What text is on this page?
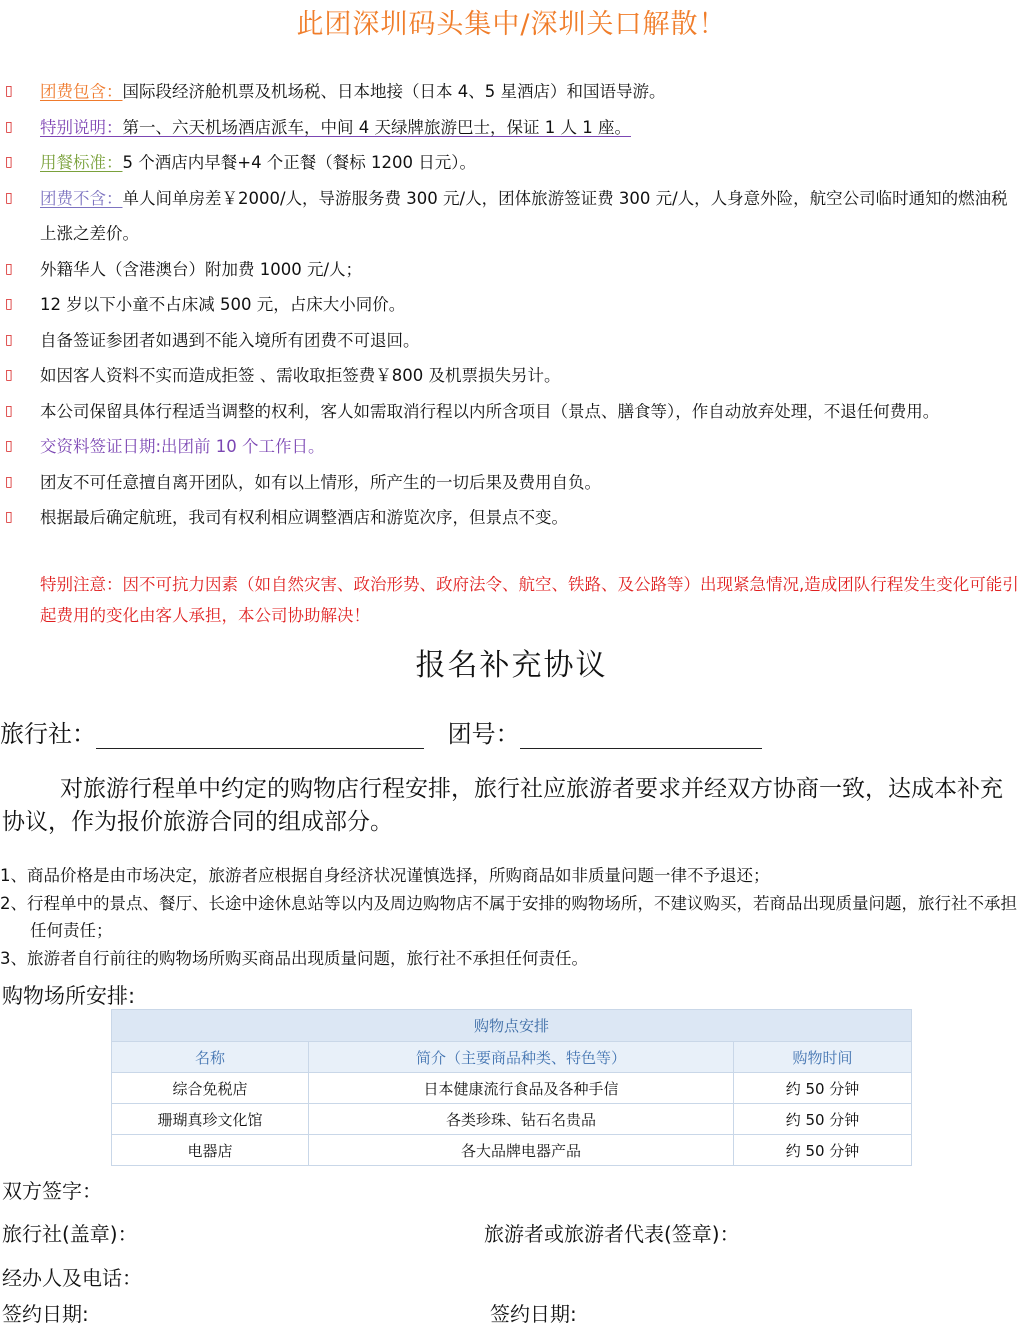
此团深圳码头集中/深圳关口解散！
▯ 团费包含：国际段经济舱机票及机场税、日本地接（日本 4、5 星酒店）和国语导游。
▯ 特别说明：第一、六天机场酒店派车，中间 4 天绿牌旅游巴士，保证 1 人 1 座。
▯ 用餐标准：5 个酒店内早餐+4 个正餐（餐标 1200 日元）。
▯ 团费不含：单人间单房差￥2000/人，导游服务费 300 元/人，团体旅游签证费 300 元/人，人身意外险，航空公司临时通知的燃油税上涨之差价。
▯ 外籍华人（含港澳台）附加费 1000 元/人；
▯ 12 岁以下小童不占床减 500 元，占床大小同价。
▯ 自备签证参团者如遇到不能入境所有团费不可退回。
▯ 如因客人资料不实而造成拒签 、需收取拒签费￥800 及机票损失另计。
▯ 本公司保留具体行程适当调整的权利，客人如需取消行程以内所含项目（景点、膳食等），作自动放弃处理，不退任何费用。
▯ 交资料签证日期:出团前 10 个工作日。
▯ 团友不可任意擅自离开团队，如有以上情形，所产生的一切后果及费用自负。
▯ 根据最后确定航班，我司有权利相应调整酒店和游览次序，但景点不变。
特别注意：因不可抗力因素（如自然灾害、政治形势、政府法令、航空、铁路、及公路等）出现紧急情况,造成团队行程发生变化可能引起费用的变化由客人承担，本公司协助解决！
报名补充协议
旅行社：	团号：
对旅游行程单中约定的购物店行程安排，旅行社应旅游者要求并经双方协商一致，达成本补充协议，作为报价旅游合同的组成部分。
1、商品价格是由市场决定，旅游者应根据自身经济状况谨慎选择，所购商品如非质量问题一律不予退还；
2、行程单中的景点、餐厅、长途中途休息站等以内及周边购物店不属于安排的购物场所，不建议购买，若商品出现质量问题，旅行社不承担任何责任；
3、旅游者自行前往的购物场所购买商品出现质量问题，旅行社不承担任何责任。
购物场所安排:
购物点安排		
名称	简介（主要商品种类、特色等）	购物时间
综合免税店	日本健康流行食品及各种手信	约 50 分钟
珊瑚真珍文化馆	各类珍珠、钻石名贵品	约 50 分钟
电器店	各大品牌电器产品	约 50 分钟
双方签字：
旅行社(盖章)：	旅游者或旅游者代表(签章)：
经办人及电话：
签约日期:	签约日期:
